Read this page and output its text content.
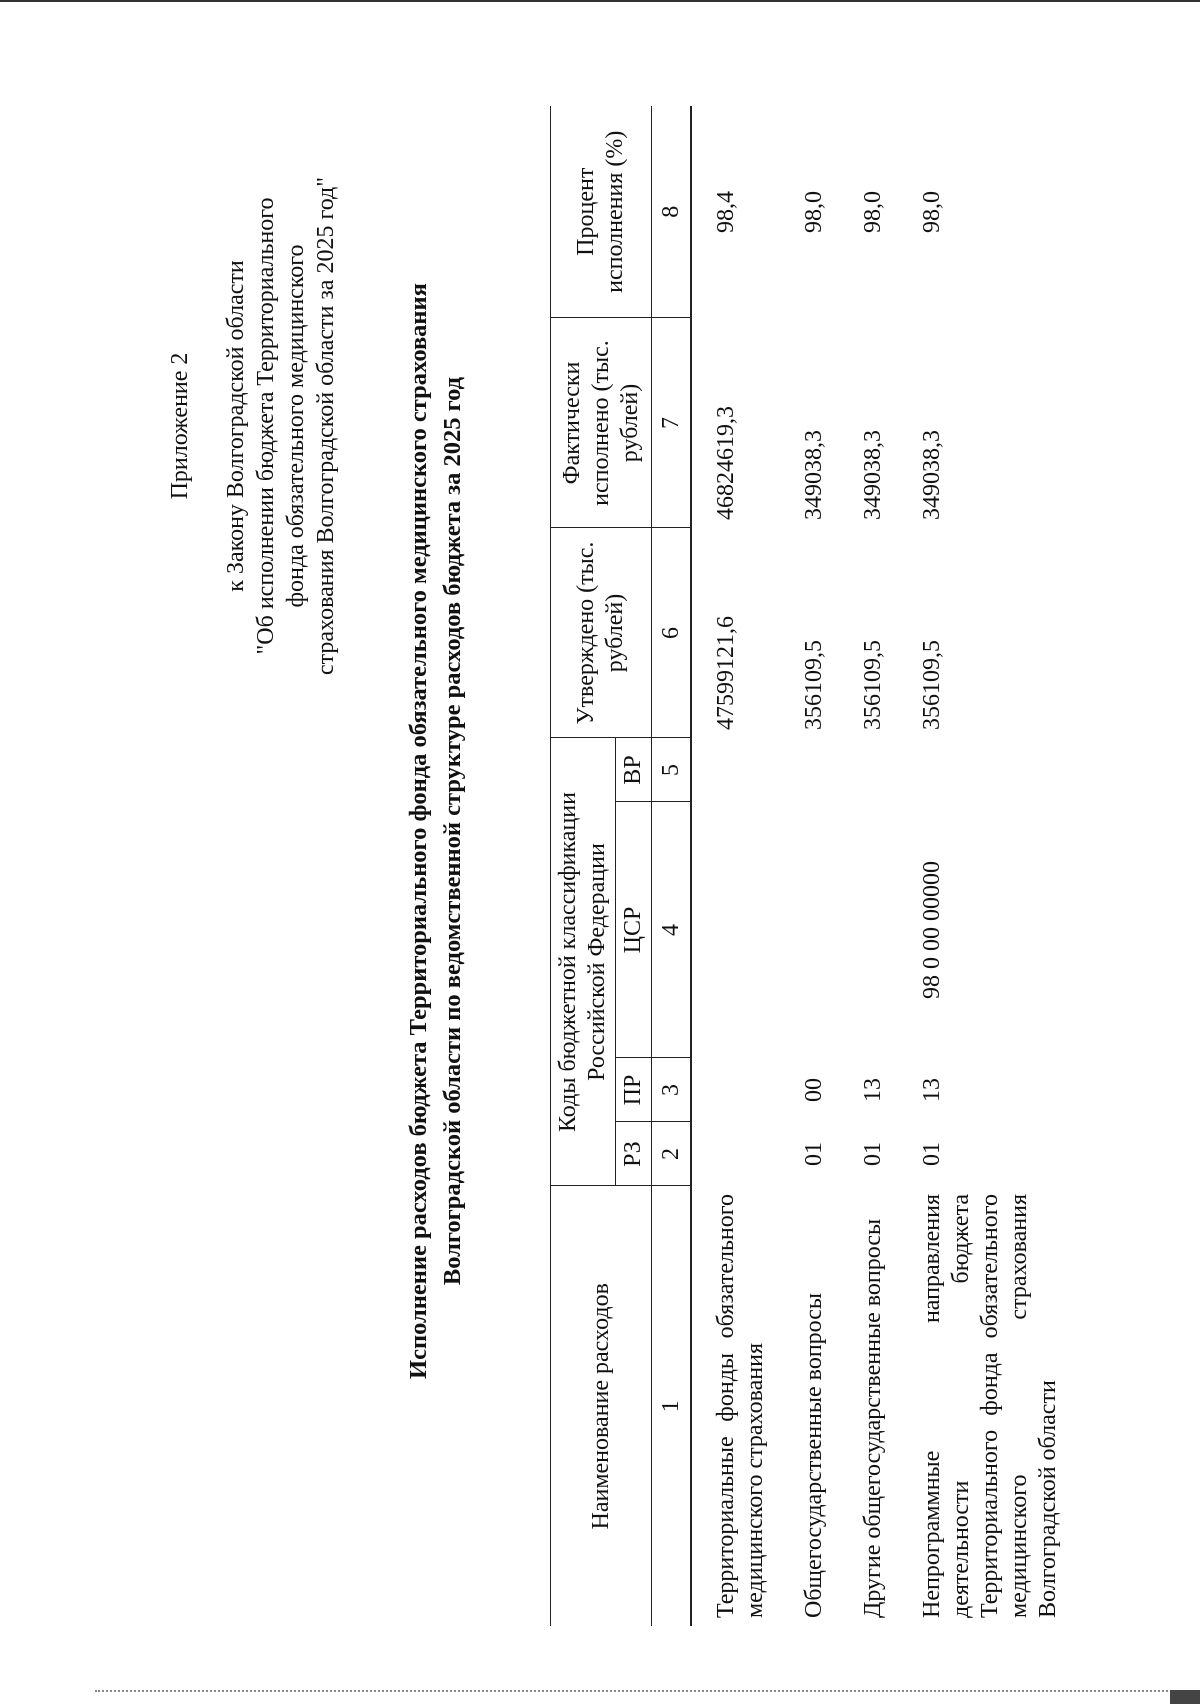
Приложение 2 к Закону Волгоградской области "Об исполнении бюджета Территориального фонда обязательного медицинского страхования Волгоградской области за 2025 год"	Исполнение расходов бюджета Территориального фонда обязательного медицинского страхования Волгоградской области по ведомственной структуре расходов бюджета за 2025 год
Наименование расходов	Коды бюджетной классификации Российской Федерации				Утверждено (тыс. рублей)	Фактически исполнено (тыс. рублей)	Процент исполнения (%)
	РЗ	ПР	ЦСР	ВР			
1	2	3	4	5	6	7	8

Территориальные фонды обязательного медицинского страхования					47599121,6	46824619,3	98,4
Общегосударственные вопросы	01	00			356109,5	349038,3	98,0
Другие общегосударственные вопросы	01	13			356109,5	349038,3	98,0
Непрограммные направления деятельности бюджета Территориального фонда обязательного медицинского страхования Волгоградской области	01	13	98 0 00 00000		356109,5	349038,3	98,0
